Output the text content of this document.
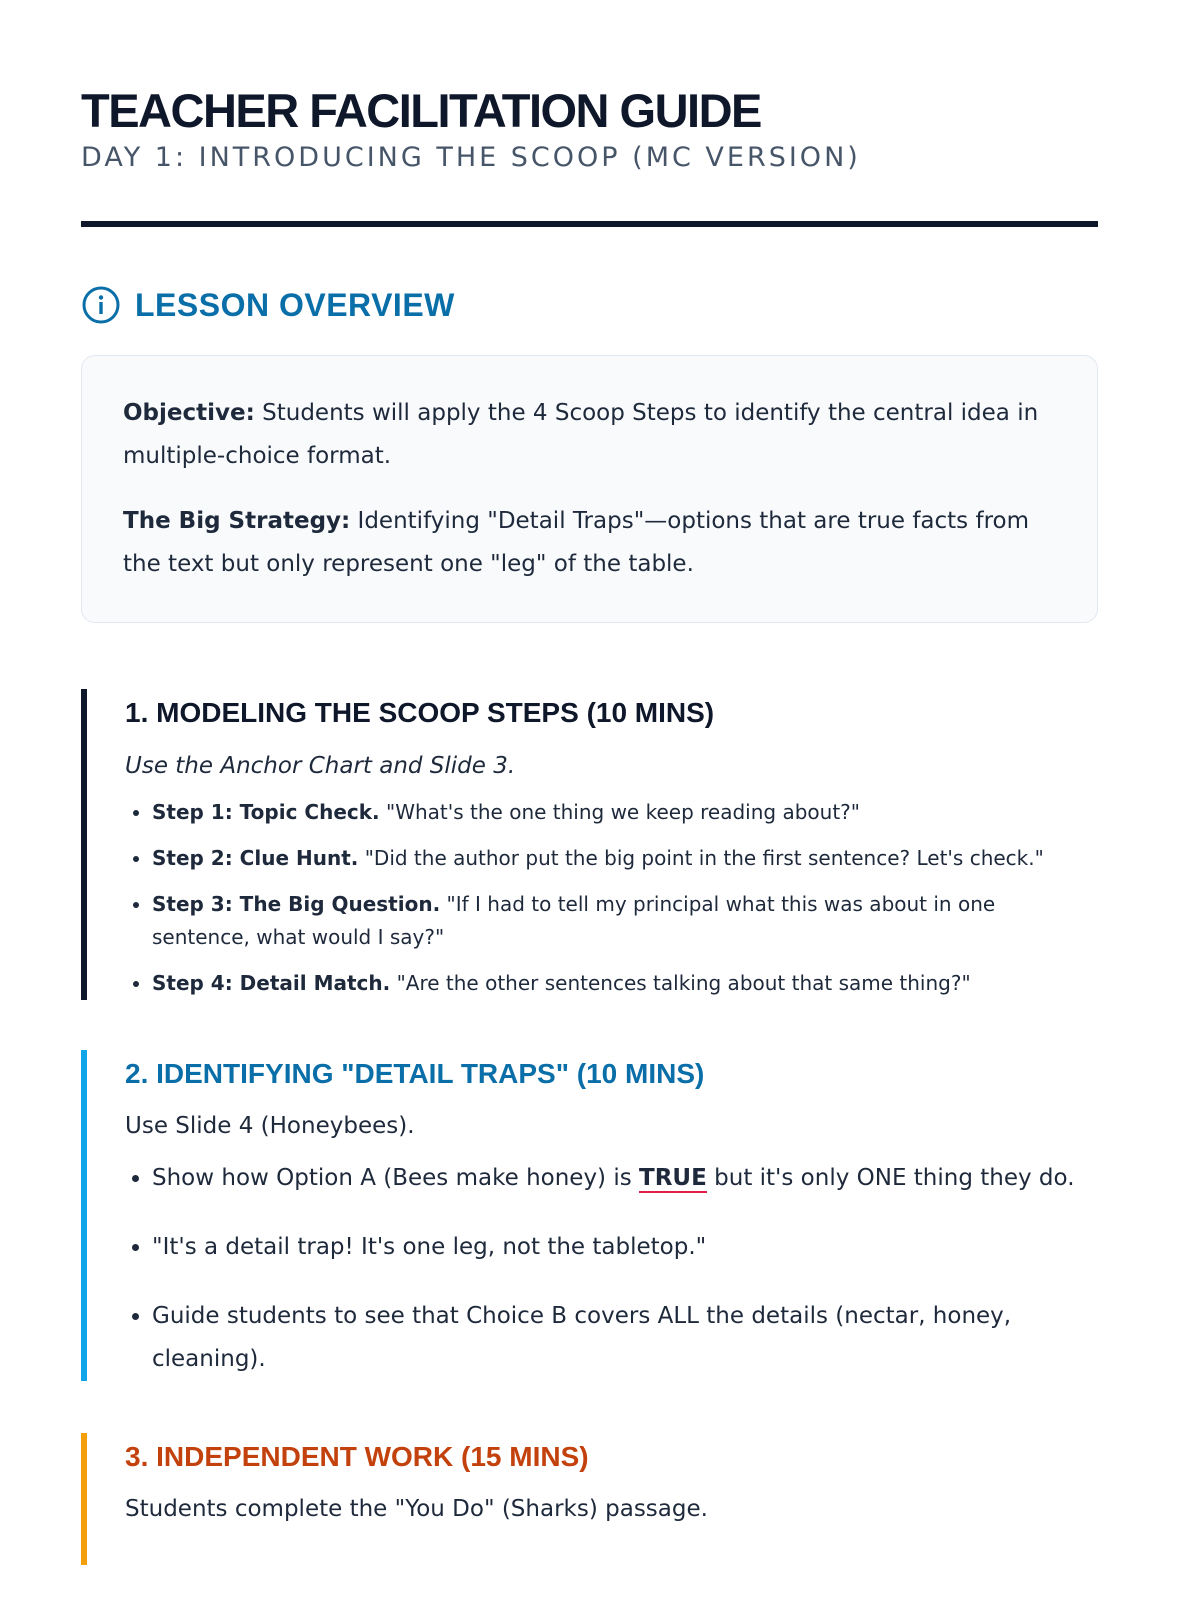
TEACHER FACILITATION GUIDE
DAY 1: INTRODUCING THE SCOOP (MC VERSION)
LESSON OVERVIEW

Objective: Students will apply the 4 Scoop Steps to identify the central idea in multiple-choice format.

The Big Strategy: Identifying "Detail Traps"—options that are true facts from the text but only represent one "leg" of the table.

1. MODELING THE SCOOP STEPS (10 MINS)
Use the Anchor Chart and Slide 3.
• Step 1: Topic Check. "What's the one thing we keep reading about?"
• Step 2: Clue Hunt. "Did the author put the big point in the first sentence? Let's check."
• Step 3: The Big Question. "If I had to tell my principal what this was about in one sentence, what would I say?"
• Step 4: Detail Match. "Are the other sentences talking about that same thing?"
2. IDENTIFYING "DETAIL TRAPS" (10 MINS)
Use Slide 4 (Honeybees).
• Show how Option A (Bees make honey) is TRUE but it's only ONE thing they do.
• "It's a detail trap! It's one leg, not the tabletop."
• Guide students to see that Choice B covers ALL the details (nectar, honey, cleaning).
3. INDEPENDENT WORK (15 MINS)
Students complete the "You Do" (Sharks) passage.
